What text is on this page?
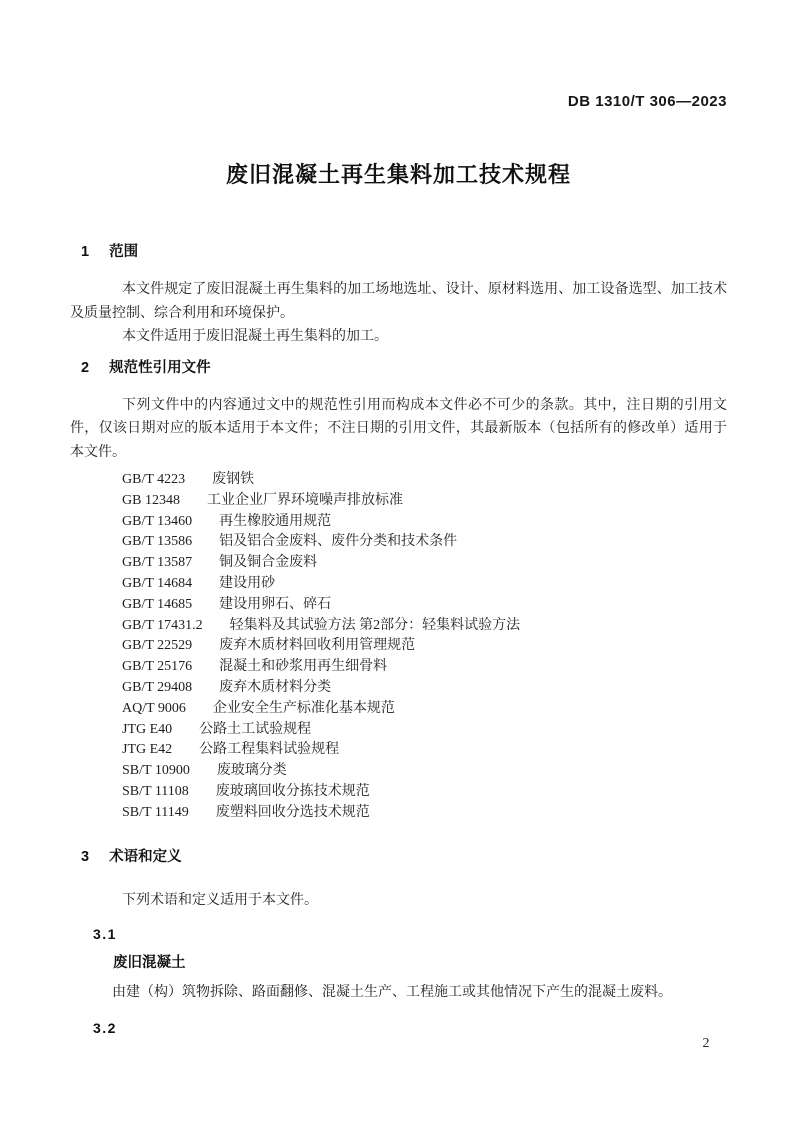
DB 1310/T 306—2023
废旧混凝土再生集料加工技术规程
1 范围

本文件规定了废旧混凝土再生集料的加工场地选址、设计、原材料选用、加工设备选型、加工技术及质量控制、综合利用和环境保护。

本文件适用于废旧混凝土再生集料的加工。

2 规范性引用文件

下列文件中的内容通过文中的规范性引用而构成本文件必不可少的条款。其中，注日期的引用文件，仅该日期对应的版本适用于本文件；不注日期的引用文件，其最新版本（包括所有的修改单）适用于本文件。

GB/T 4223 废钢铁
GB 12348 工业企业厂界环境噪声排放标准
GB/T 13460 再生橡胶通用规范
GB/T 13586 铝及铝合金废料、废件分类和技术条件
GB/T 13587 铜及铜合金废料
GB/T 14684 建设用砂
GB/T 14685 建设用卵石、碎石
GB/T 17431.2 轻集料及其试验方法 第2部分：轻集料试验方法
GB/T 22529 废弃木质材料回收利用管理规范
GB/T 25176 混凝土和砂浆用再生细骨料
GB/T 29408 废弃木质材料分类
AQ/T 9006 企业安全生产标准化基本规范
JTG E40 公路土工试验规程
JTG E42 公路工程集料试验规程
SB/T 10900 废玻璃分类
SB/T 11108 废玻璃回收分拣技术规范
SB/T 11149 废塑料回收分选技术规范
3 术语和定义

下列术语和定义适用于本文件。

3.1
废旧混凝土

由建（构）筑物拆除、路面翻修、混凝土生产、工程施工或其他情况下产生的混凝土废料。

3.2
2
